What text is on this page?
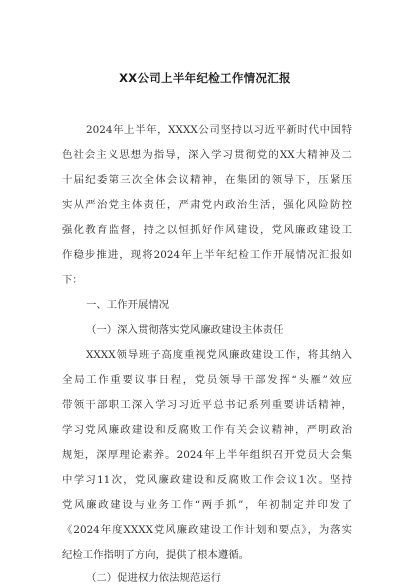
XX公司上半年纪检工作情况汇报
2024年上半年，XXXX公司坚持以习近平新时代中国特
色社会主义思想为指导，深入学习贯彻党的XX大精神及二
十届纪委第三次全体会议精神，在集团的领导下，压紧压
实从严治党主体责任，严肃党内政治生活，强化风险防控
强化教育监督，持之以恒抓好作风建设，党风廉政建设工
作稳步推进，现将2024年上半年纪检工作开展情况汇报如
下：
一、工作开展情况
（一）深入贯彻落实党风廉政建设主体责任
XXXX领导班子高度重视党风廉政建设工作，将其纳入
全局工作重要议事日程，党员领导干部发挥“头雁”效应
带领干部职工深入学习习近平总书记系列重要讲话精神，
学习党风廉政建设和反腐败工作有关会议精神，严明政治
规矩，深厚理论素养。2024年上半年组织召开党员大会集
中学习11次，党风廉政建设和反腐败工作会议1次。坚持
党风廉政建设与业务工作“两手抓”，年初制定并印发了
《2024年度XXXX党风廉政建设工作计划和要点》，为落实
纪检工作指明了方向，提供了根本遵循。
（二）促进权力依法规范运行
